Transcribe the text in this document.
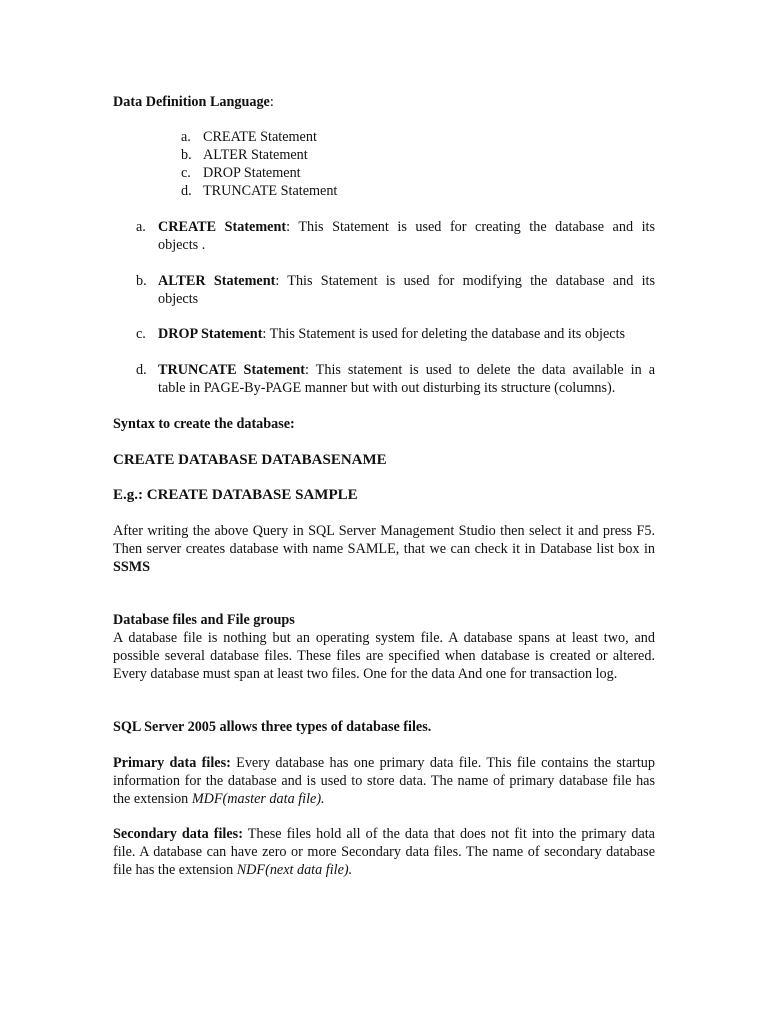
Data Definition Language:

a. CREATE Statement
b. ALTER Statement
c. DROP Statement
d. TRUNCATE Statement
a. CREATE Statement: This Statement is used for creating the database and its
objects .
b. ALTER Statement: This Statement is used for modifying the database and its
objects
c. DROP Statement: This Statement is used for deleting the database and its objects
d. TRUNCATE Statement: This statement is used to delete the data available in a
table in PAGE-By-PAGE manner but with out disturbing its structure (columns).

Syntax to create the database:

CREATE DATABASE DATABASENAME

E.g.: CREATE DATABASE SAMPLE

After writing the above Query in SQL Server Management Studio then select it and press F5. Then server creates database with name SAMLE, that we can check it in Database list box in SSMS

Database files and File groups

A database file is nothing but an operating system file. A database spans at least two, and possible several database files. These files are specified when database is created or altered. Every database must span at least two files. One for the data And one for transaction log.

SQL Server 2005 allows three types of database files.

Primary data files: Every database has one primary data file. This file contains the startup information for the database and is used to store data. The name of primary database file has the extension MDF(master data file).

Secondary data files: These files hold all of the data that does not fit into the primary data file. A database can have zero or more Secondary data files. The name of secondary database file has the extension NDF(next data file).
